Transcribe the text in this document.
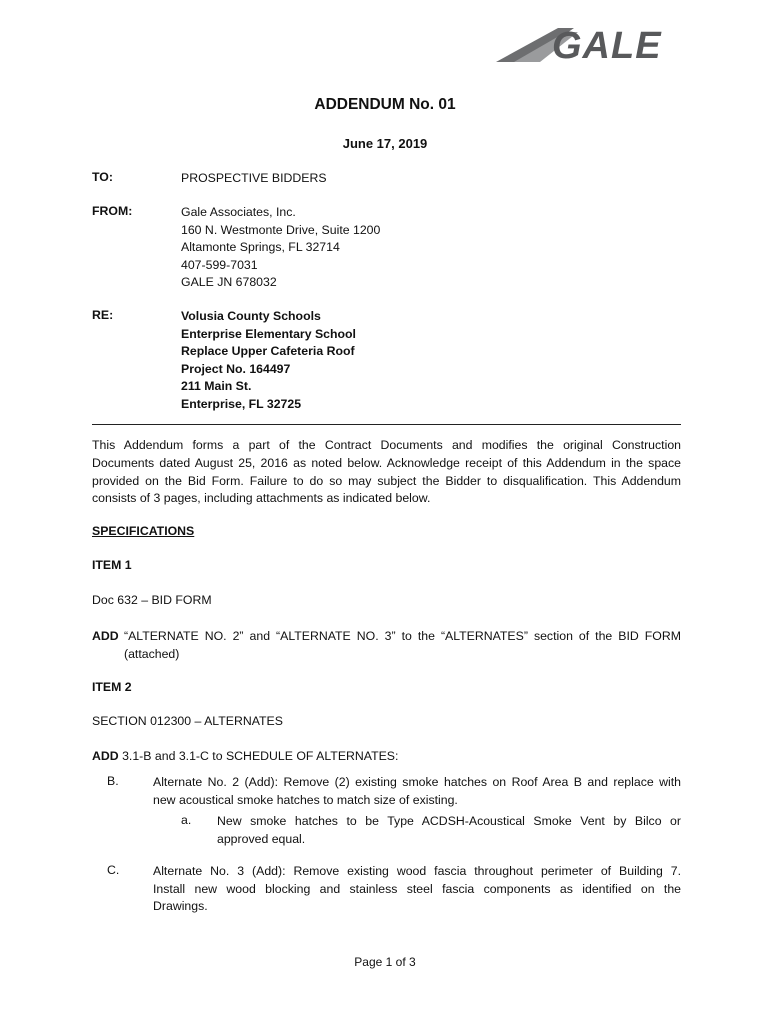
GALE
ADDENDUM No. 01
June 17, 2019
TO:	PROSPECTIVE BIDDERS
FROM:	Gale Associates, Inc.
160 N. Westmonte Drive, Suite 1200
Altamonte Springs, FL 32714
407-599-7031
GALE JN 678032
RE:	Volusia County Schools
Enterprise Elementary School
Replace Upper Cafeteria Roof
Project No. 164497
211 Main St.
Enterprise, FL 32725
This Addendum forms a part of the Contract Documents and modifies the original Construction
Documents dated August 25, 2016 as noted below. Acknowledge receipt of this Addendum in the space
provided on the Bid Form. Failure to do so may subject the Bidder to disqualification. This Addendum
consists of 3 pages, including attachments as indicated below.
SPECIFICATIONS
ITEM 1
Doc 632 – BID FORM
ADD “ALTERNATE NO. 2” and “ALTERNATE NO. 3” to the “ALTERNATES” section of the BID FORM
(attached)
ITEM 2
SECTION 012300 – ALTERNATES
ADD 3.1-B and 3.1-C to SCHEDULE OF ALTERNATES:
B.	Alternate No. 2 (Add): Remove (2) existing smoke hatches on Roof Area B and replace with
new acoustical smoke hatches to match size of existing.
a. New smoke hatches to be Type ACDSH-Acoustical Smoke Vent by Bilco or
approved equal.
C.	Alternate No. 3 (Add): Remove existing wood fascia throughout perimeter of Building 7.
Install new wood blocking and stainless steel fascia components as identified on the
Drawings.
Page 1 of 3
